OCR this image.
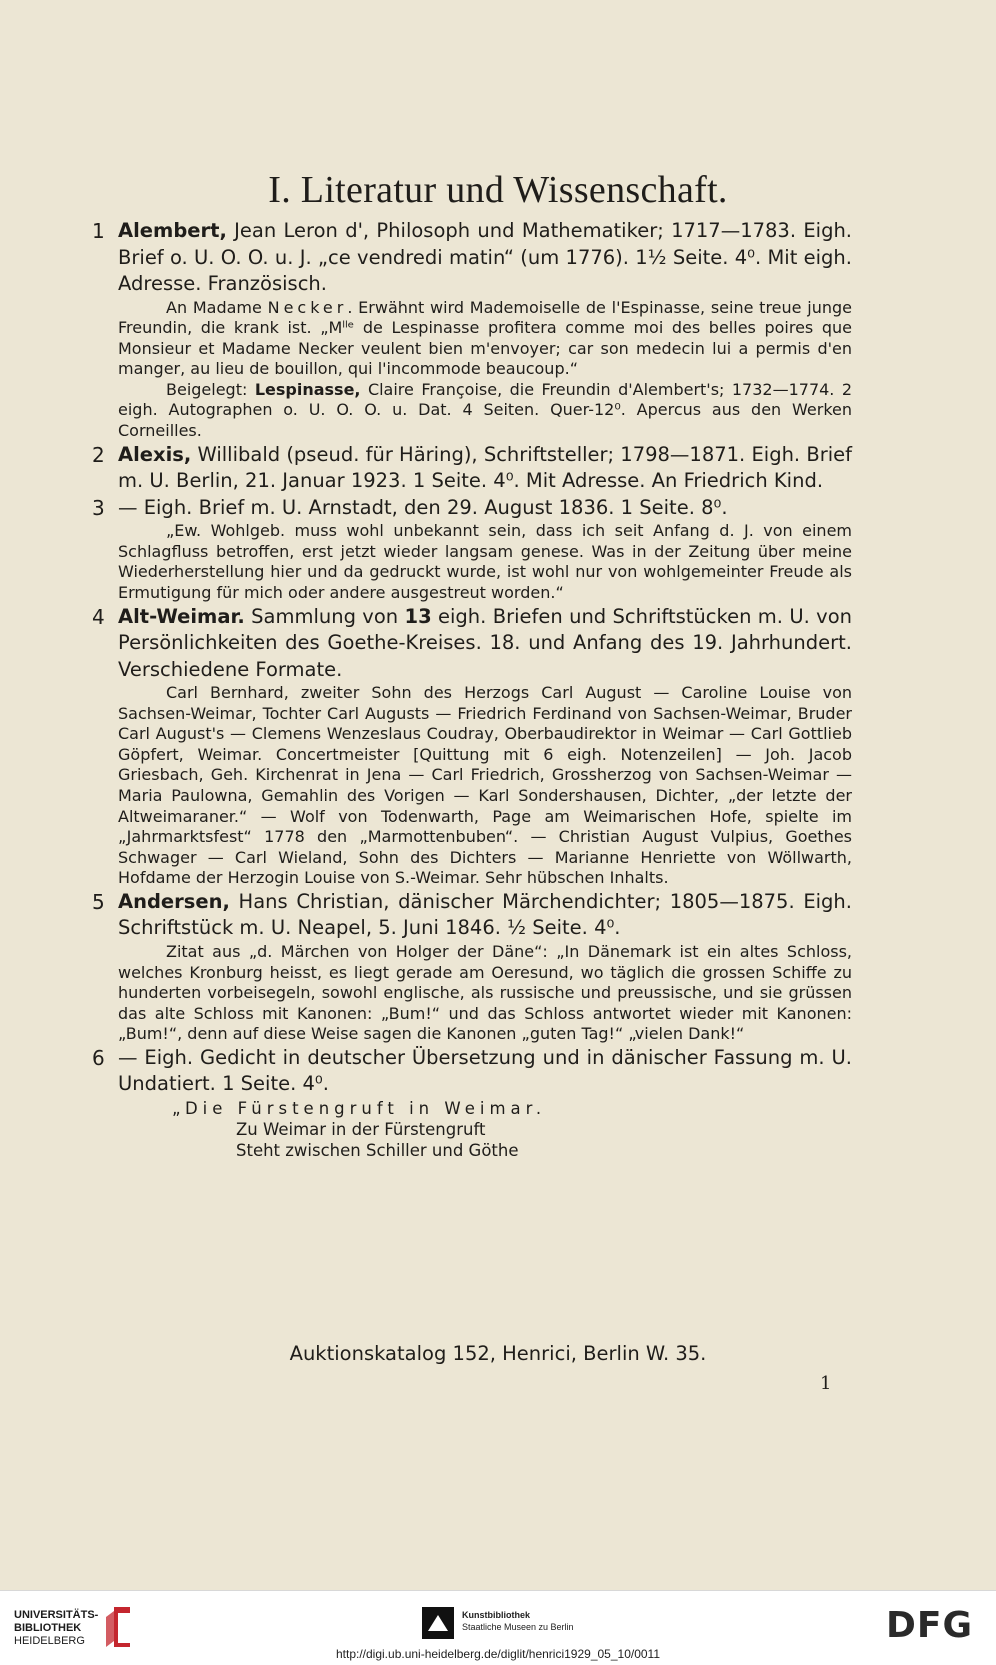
I. Literatur und Wissenschaft.
1 Alembert, Jean Leron d', Philosoph und Mathematiker; 1717—1783. Eigh. Brief o. U. O. O. u. J. „ce vendredi matin“ (um 1776). 1½ Seite. 4⁰. Mit eigh. Adresse. Französisch.
An Madame Necker. Erwähnt wird Mademoiselle de l'Espinasse, seine treue junge Freundin, die krank ist. „Mˡˡᵉ de Lespinasse profitera comme moi des belles poires que Monsieur et Madame Necker veulent bien m'envoyer; car son medecin lui a permis d'en manger, au lieu de bouillon, qui l'incommode beaucoup.“
Beigelegt: Lespinasse, Claire Françoise, die Freundin d'Alembert's; 1732—1774. 2 eigh. Autographen o. U. O. O. u. Dat. 4 Seiten. Quer-12⁰. Apercus aus den Werken Corneilles.
2 Alexis, Willibald (pseud. für Häring), Schriftsteller; 1798—1871. Eigh. Brief m. U. Berlin, 21. Januar 1923. 1 Seite. 4⁰. Mit Adresse. An Friedrich Kind.
3 — Eigh. Brief m. U. Arnstadt, den 29. August 1836. 1 Seite. 8⁰.
„Ew. Wohlgeb. muss wohl unbekannt sein, dass ich seit Anfang d. J. von einem Schlagfluss betroffen, erst jetzt wieder langsam genese. Was in der Zeitung über meine Wiederherstellung hier und da gedruckt wurde, ist wohl nur von wohlgemeinter Freude als Ermutigung für mich oder andere ausgestreut worden.“
4 Alt-Weimar. Sammlung von 13 eigh. Briefen und Schriftstücken m. U. von Persönlichkeiten des Goethe-Kreises. 18. und Anfang des 19. Jahrhundert. Verschiedene Formate.
Carl Bernhard, zweiter Sohn des Herzogs Carl August — Caroline Louise von Sachsen-Weimar, Tochter Carl Augusts — Friedrich Ferdinand von Sachsen-Weimar, Bruder Carl August's — Clemens Wenzeslaus Coudray, Oberbaudirektor in Weimar — Carl Gottlieb Göpfert, Weimar. Concertmeister [Quittung mit 6 eigh. Notenzeilen] — Joh. Jacob Griesbach, Geh. Kirchenrat in Jena — Carl Friedrich, Grossherzog von Sachsen-Weimar — Maria Paulowna, Gemahlin des Vorigen — Karl Sondershausen, Dichter, „der letzte der Altweimaraner.“ — Wolf von Todenwarth, Page am Weimarischen Hofe, spielte im „Jahrmarktsfest“ 1778 den „Marmottenbuben“. — Christian August Vulpius, Goethes Schwager — Carl Wieland, Sohn des Dichters — Marianne Henriette von Wöllwarth, Hofdame der Herzogin Louise von S.-Weimar. Sehr hübschen Inhalts.
5 Andersen, Hans Christian, dänischer Märchendichter; 1805—1875. Eigh. Schriftstück m. U. Neapel, 5. Juni 1846. ½ Seite. 4⁰.
Zitat aus „d. Märchen von Holger der Däne“: „In Dänemark ist ein altes Schloss, welches Kronburg heisst, es liegt gerade am Oeresund, wo täglich die grossen Schiffe zu hunderten vorbeisegeln, sowohl englische, als russische und preussische, und sie grüssen das alte Schloss mit Kanonen: „Bum!“ und das Schloss antwortet wieder mit Kanonen: „Bum!“, denn auf diese Weise sagen die Kanonen „guten Tag!“ „vielen Dank!“
6 — Eigh. Gedicht in deutscher Übersetzung und in dänischer Fassung m. U. Undatiert. 1 Seite. 4⁰.
„Die Fürstengruft in Weimar.
Zu Weimar in der Fürstengruft
Steht zwischen Schiller und Göthe
Auktionskatalog 152, Henrici, Berlin W. 35.
1
UNIVERSITÄTS-
BIBLIOTHEK
HEIDELBERG
Kunstbibliothek
Staatliche Museen zu Berlin	DFG
http://digi.ub.uni-heidelberg.de/diglit/henrici1929_05_10/0011
